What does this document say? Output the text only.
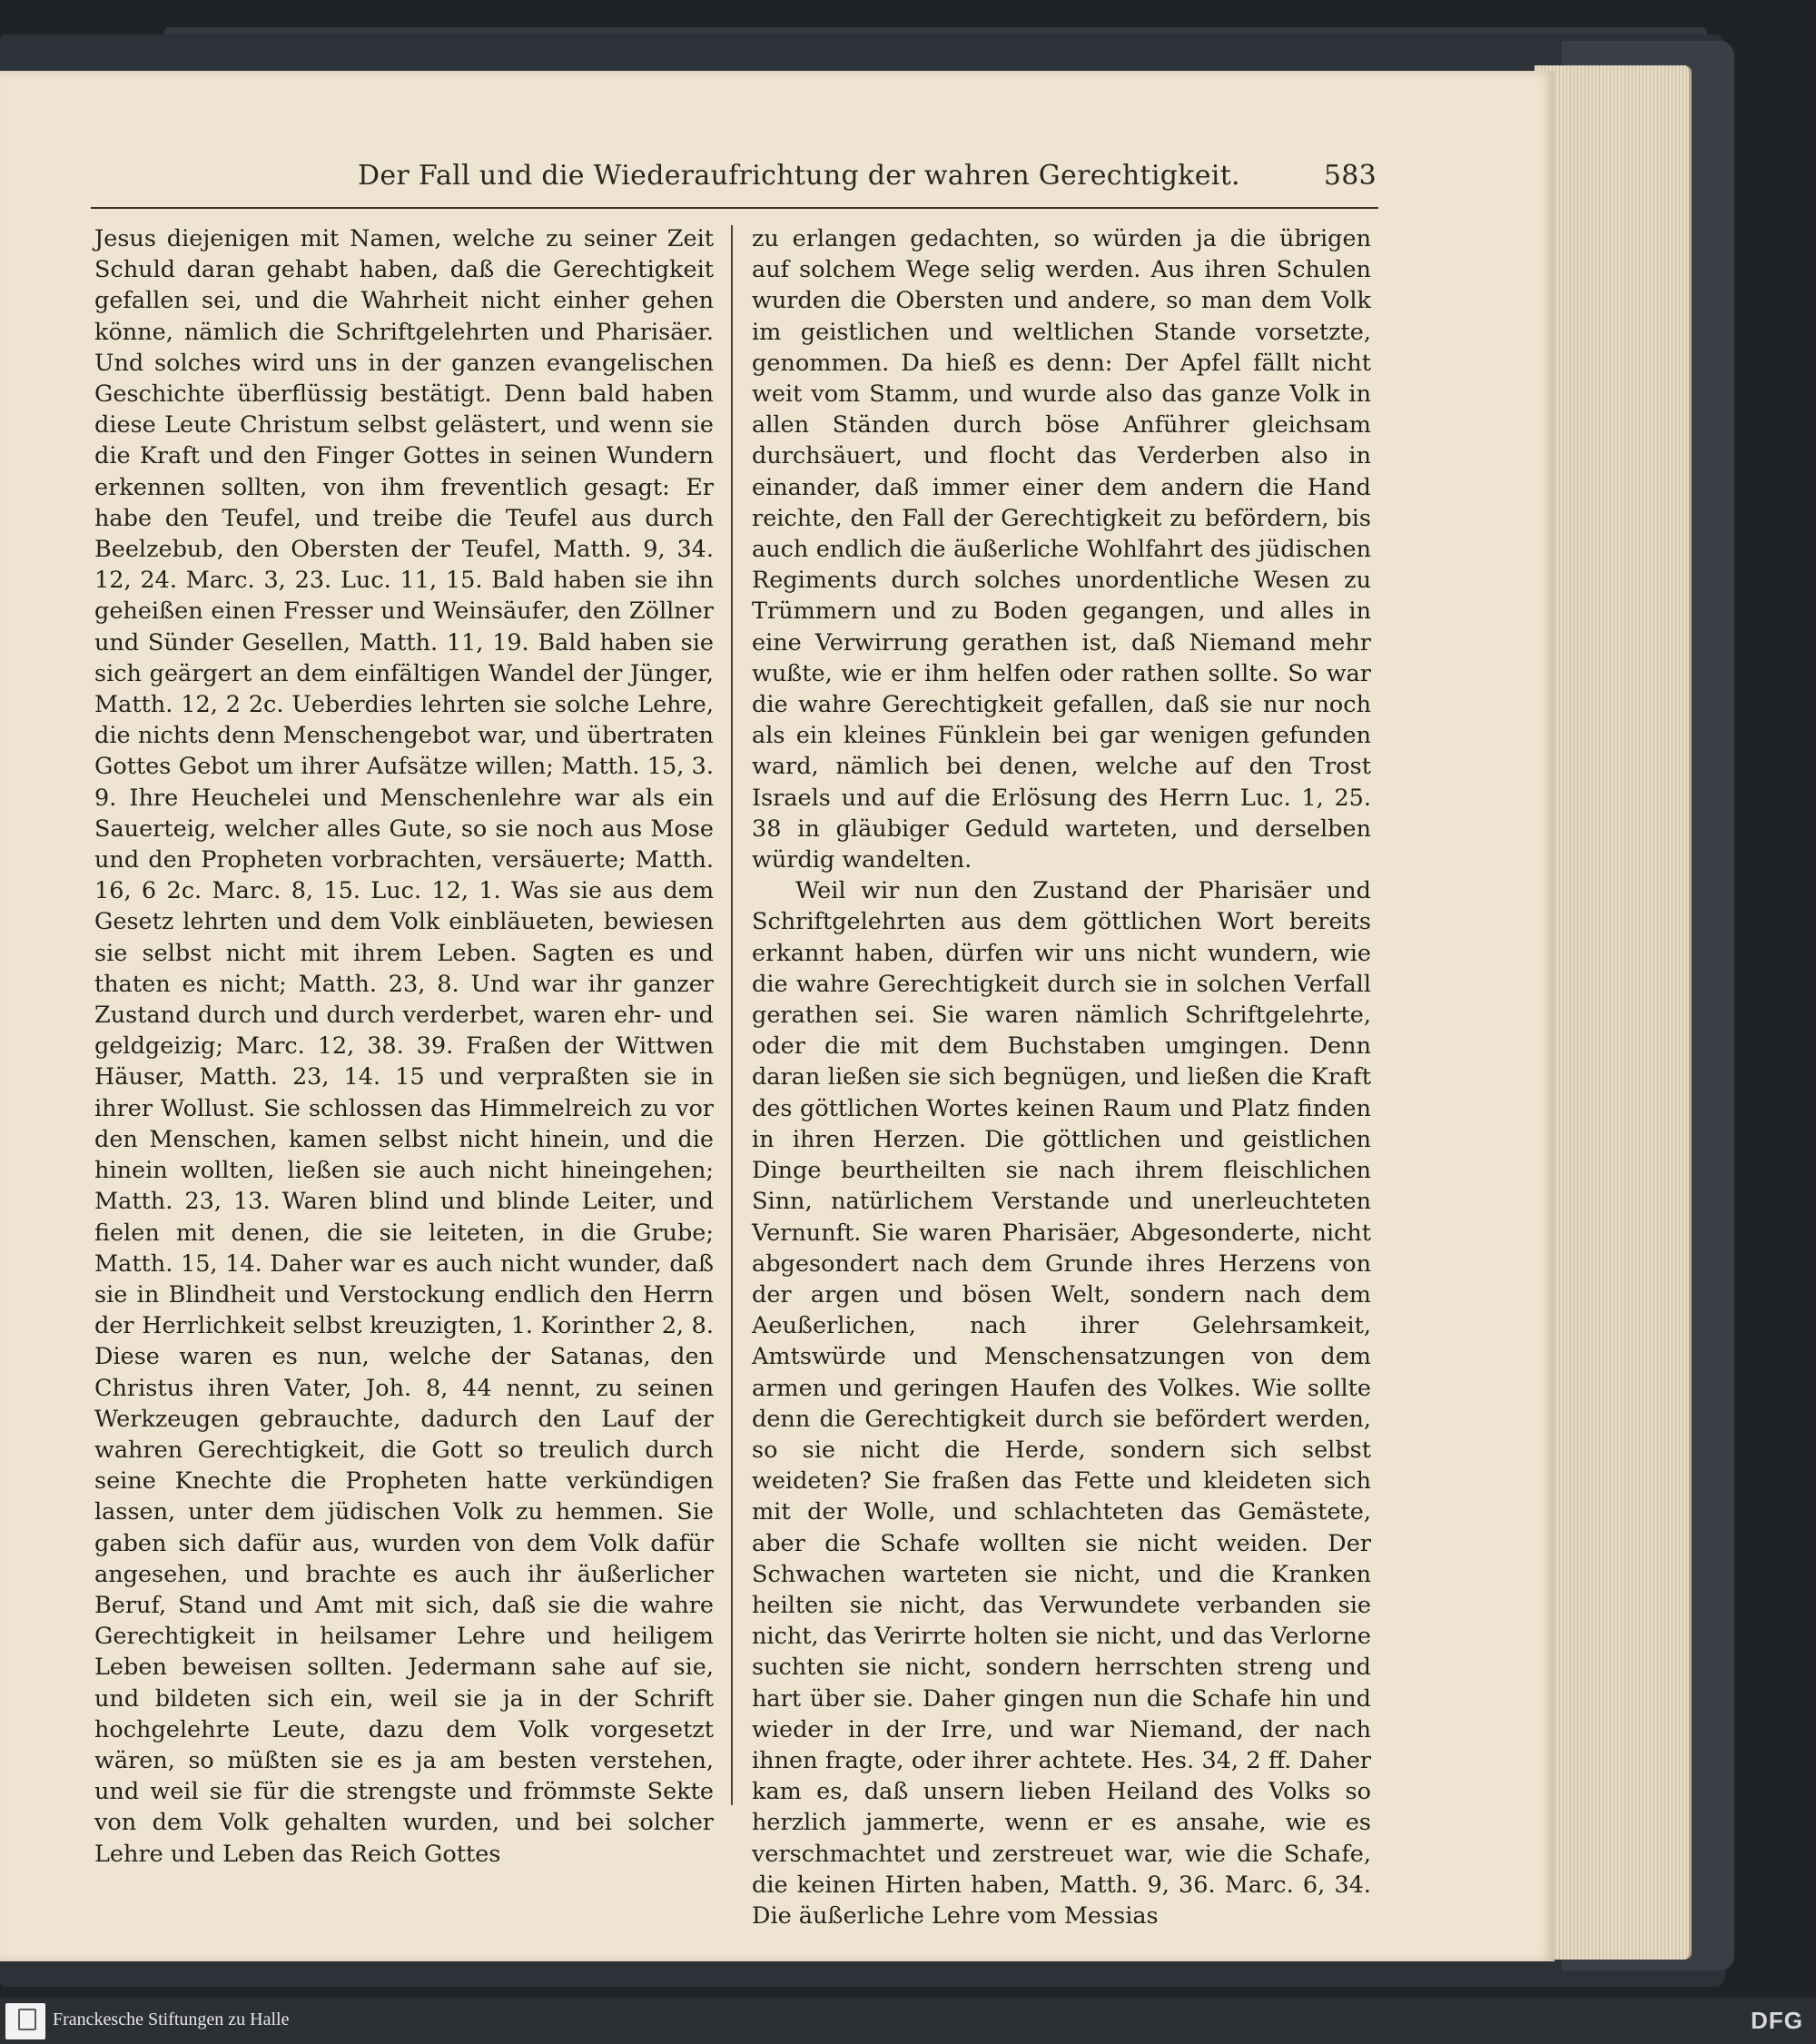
Der Fall und die Wiederaufrichtung der wahren Gerechtigkeit.	583

Jesus diejenigen mit Namen, welche zu seiner Zeit Schuld daran gehabt haben, daß die Gerechtigkeit gefallen sei, und die Wahrheit nicht einher gehen könne, nämlich die Schriftgelehrten und Pharisäer. Und solches wird uns in der ganzen evangelischen Geschichte überflüssig bestätigt. Denn bald haben diese Leute Christum selbst gelästert, und wenn sie die Kraft und den Finger Gottes in seinen Wundern erkennen sollten, von ihm freventlich gesagt: Er habe den Teufel, und treibe die Teufel aus durch Beelzebub, den Obersten der Teufel, Matth. 9, 34. 12, 24. Marc. 3, 23. Luc. 11, 15. Bald haben sie ihn geheißen einen Fresser und Weinsäufer, den Zöllner und Sünder Gesellen, Matth. 11, 19. Bald haben sie sich geärgert an dem einfältigen Wandel der Jünger, Matth. 12, 2 2c. Ueberdies lehrten sie solche Lehre, die nichts denn Menschengebot war, und übertraten Gottes Gebot um ihrer Aufsätze willen; Matth. 15, 3. 9. Ihre Heuchelei und Menschenlehre war als ein Sauerteig, welcher alles Gute, so sie noch aus Mose und den Propheten vorbrachten, versäuerte; Matth. 16, 6 2c. Marc. 8, 15. Luc. 12, 1. Was sie aus dem Gesetz lehrten und dem Volk einbläueten, bewiesen sie selbst nicht mit ihrem Leben. Sagten es und thaten es nicht; Matth. 23, 8. Und war ihr ganzer Zustand durch und durch verderbet, waren ehr- und geldgeizig; Marc. 12, 38. 39. Fraßen der Wittwen Häuser, Matth. 23, 14. 15 und verpraßten sie in ihrer Wollust. Sie schlossen das Himmelreich zu vor den Menschen, kamen selbst nicht hinein, und die hinein wollten, ließen sie auch nicht hineingehen; Matth. 23, 13. Waren blind und blinde Leiter, und fielen mit denen, die sie leiteten, in die Grube; Matth. 15, 14. Daher war es auch nicht wunder, daß sie in Blindheit und Verstockung endlich den Herrn der Herrlichkeit selbst kreuzigten, 1. Korinther 2, 8. Diese waren es nun, welche der Satanas, den Christus ihren Vater, Joh. 8, 44 nennt, zu seinen Werkzeugen gebrauchte, dadurch den Lauf der wahren Gerechtigkeit, die Gott so treulich durch seine Knechte die Propheten hatte verkündigen lassen, unter dem jüdischen Volk zu hemmen. Sie gaben sich dafür aus, wurden von dem Volk dafür angesehen, und brachte es auch ihr äußerlicher Beruf, Stand und Amt mit sich, daß sie die wahre Gerechtigkeit in heilsamer Lehre und heiligem Leben beweisen sollten. Jedermann sahe auf sie, und bildeten sich ein, weil sie ja in der Schrift hochgelehrte Leute, dazu dem Volk vorgesetzt wären, so müßten sie es ja am besten verstehen, und weil sie für die strengste und frömmste Sekte von dem Volk gehalten wurden, und bei solcher Lehre und Leben das Reich Gottes

zu erlangen gedachten, so würden ja die übrigen auf solchem Wege selig werden. Aus ihren Schulen wurden die Obersten und andere, so man dem Volk im geistlichen und weltlichen Stande vorsetzte, genommen. Da hieß es denn: Der Apfel fällt nicht weit vom Stamm, und wurde also das ganze Volk in allen Ständen durch böse Anführer gleichsam durchsäuert, und flocht das Verderben also in einander, daß immer einer dem andern die Hand reichte, den Fall der Gerechtigkeit zu befördern, bis auch endlich die äußerliche Wohlfahrt des jüdischen Regiments durch solches unordentliche Wesen zu Trümmern und zu Boden gegangen, und alles in eine Verwirrung gerathen ist, daß Niemand mehr wußte, wie er ihm helfen oder rathen sollte. So war die wahre Gerechtigkeit gefallen, daß sie nur noch als ein kleines Fünklein bei gar wenigen gefunden ward, nämlich bei denen, welche auf den Trost Israels und auf die Erlösung des Herrn Luc. 1, 25. 38 in gläubiger Geduld warteten, und derselben würdig wandelten.

Weil wir nun den Zustand der Pharisäer und Schriftgelehrten aus dem göttlichen Wort bereits erkannt haben, dürfen wir uns nicht wundern, wie die wahre Gerechtigkeit durch sie in solchen Verfall gerathen sei. Sie waren nämlich Schriftgelehrte, oder die mit dem Buchstaben umgingen. Denn daran ließen sie sich begnügen, und ließen die Kraft des göttlichen Wortes keinen Raum und Platz finden in ihren Herzen. Die göttlichen und geistlichen Dinge beurtheilten sie nach ihrem fleischlichen Sinn, natürlichem Verstande und unerleuchteten Vernunft. Sie waren Pharisäer, Abgesonderte, nicht abgesondert nach dem Grunde ihres Herzens von der argen und bösen Welt, sondern nach dem Aeußerlichen, nach ihrer Gelehrsamkeit, Amtswürde und Menschensatzungen von dem armen und geringen Haufen des Volkes. Wie sollte denn die Gerechtigkeit durch sie befördert werden, so sie nicht die Herde, sondern sich selbst weideten? Sie fraßen das Fette und kleideten sich mit der Wolle, und schlachteten das Gemästete, aber die Schafe wollten sie nicht weiden. Der Schwachen warteten sie nicht, und die Kranken heilten sie nicht, das Verwundete verbanden sie nicht, das Verirrte holten sie nicht, und das Verlorne suchten sie nicht, sondern herrschten streng und hart über sie. Daher gingen nun die Schafe hin und wieder in der Irre, und war Niemand, der nach ihnen fragte, oder ihrer achtete. Hes. 34, 2 ff. Daher kam es, daß unsern lieben Heiland des Volks so herzlich jammerte, wenn er es ansahe, wie es verschmachtet und zerstreuet war, wie die Schafe, die keinen Hirten haben, Matth. 9, 36. Marc. 6, 34. Die äußerliche Lehre vom Messias

Franckesche Stiftungen zu Halle	DFG
